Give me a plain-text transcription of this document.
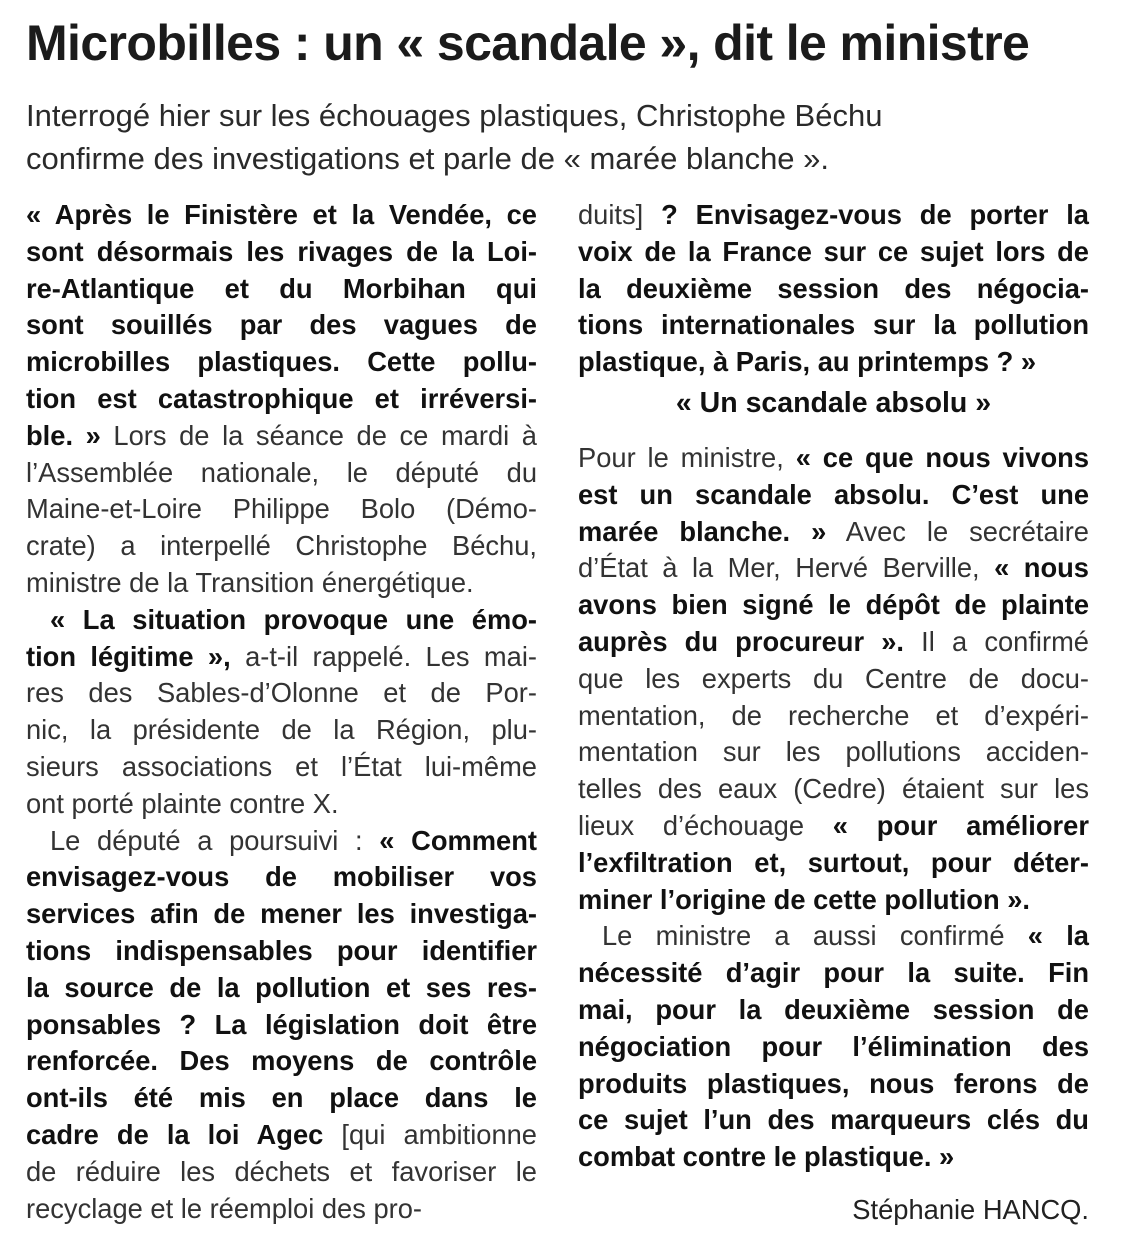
Microbilles : un « scandale », dit le ministre
Interrogé hier sur les échouages plastiques, Christophe Béchu
confirme des investigations et parle de « marée blanche ».
« Après le Finistère et la Vendée, ce
sont désormais les rivages de la Loi-
re-Atlantique et du Morbihan qui
sont souillés par des vagues de
microbilles plastiques. Cette pollu-
tion est catastrophique et irréversi-
ble. » Lors de la séance de ce mardi à
l’Assemblée nationale, le député du
Maine-et-Loire Philippe Bolo (Démo-
crate) a interpellé Christophe Béchu,
ministre de la Transition énergétique.
« La situation provoque une émo-
tion légitime », a-t-il rappelé. Les mai-
res des Sables-d’Olonne et de Por-
nic, la présidente de la Région, plu-
sieurs associations et l’État lui-même
ont porté plainte contre X.
Le député a poursuivi : « Comment
envisagez-vous de mobiliser vos
services afin de mener les investiga-
tions indispensables pour identifier
la source de la pollution et ses res-
ponsables ? La législation doit être
renforcée. Des moyens de contrôle
ont-ils été mis en place dans le
cadre de la loi Agec [qui ambitionne
de réduire les déchets et favoriser le
recyclage et le réemploi des pro-
duits] ? Envisagez-vous de porter la
voix de la France sur ce sujet lors de
la deuxième session des négocia-
tions internationales sur la pollution
plastique, à Paris, au printemps ? »
« Un scandale absolu »
Pour le ministre, « ce que nous vivons
est un scandale absolu. C’est une
marée blanche. » Avec le secrétaire
d’État à la Mer, Hervé Berville, « nous
avons bien signé le dépôt de plainte
auprès du procureur ». Il a confirmé
que les experts du Centre de docu-
mentation, de recherche et d’expéri-
mentation sur les pollutions acciden-
telles des eaux (Cedre) étaient sur les
lieux d’échouage « pour améliorer
l’exfiltration et, surtout, pour déter-
miner l’origine de cette pollution ».
Le ministre a aussi confirmé « la
nécessité d’agir pour la suite. Fin
mai, pour la deuxième session de
négociation pour l’élimination des
produits plastiques, nous ferons de
ce sujet l’un des marqueurs clés du
combat contre le plastique. »
Stéphanie HANCQ.
